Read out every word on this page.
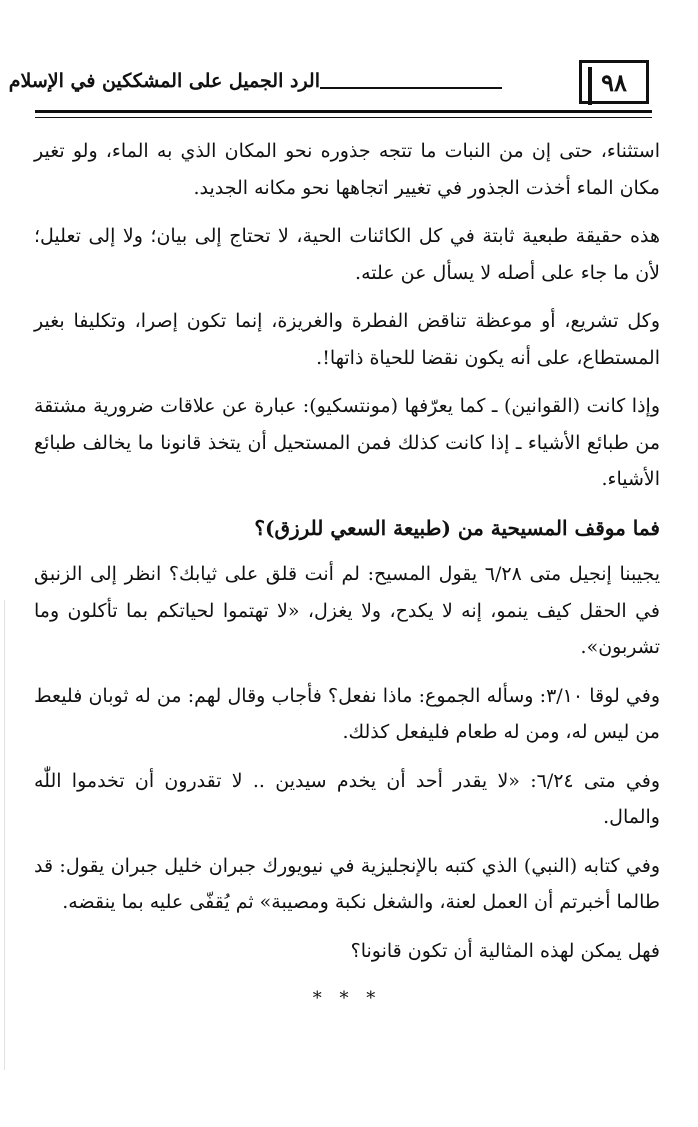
٩٨
الرد الجميل على المشككين في الإسلام

استثناء، حتى إن من النبات ما تتجه جذوره نحو المكان الذي به الماء، ولو تغير مكان الماء أخذت الجذور في تغيير اتجاهها نحو مكانه الجديد.

هذه حقيقة طبعية ثابتة في كل الكائنات الحية، لا تحتاج إلى بيان؛ ولا إلى تعليل؛ لأن ما جاء على أصله لا يسأل عن علته.

وكل تشريع، أو موعظة تناقض الفطرة والغريزة، إنما تكون إصرا، وتكليفا بغير المستطاع، على أنه يكون نقضا للحياة ذاتها!.

وإذا كانت (القوانين) ـ كما يعرّفها (مونتسكيو): عبارة عن علاقات ضرورية مشتقة من طبائع الأشياء ـ إذا كانت كذلك فمن المستحيل أن يتخذ قانونا ما يخالف طبائع الأشياء.

فما موقف المسيحية من (طبيعة السعي للرزق)؟

يجيبنا إنجيل متى ٦/٢٨ يقول المسيح: لم أنت قلق على ثيابك؟ انظر إلى الزنبق في الحقل كيف ينمو، إنه لا يكدح، ولا يغزل، «لا تهتموا لحياتكم بما تأكلون وما تشربون».

وفي لوقا ٣/١٠: وسأله الجموع: ماذا نفعل؟ فأجاب وقال لهم: من له ثوبان فليعط من ليس له، ومن له طعام فليفعل كذلك.

وفي متى ٦/٢٤: «لا يقدر أحد أن يخدم سيدين .. لا تقدرون أن تخدموا اللّٰه والمال.

وفي كتابه (النبي) الذي كتبه بالإنجليزية في نيويورك جبران خليل جبران يقول: قد طالما أخبرتم أن العمل لعنة، والشغل نكبة ومصيبة» ثم يُقفّى عليه بما ينقضه.

فهل يمكن لهذه المثالية أن تكون قانونا؟

* * *
